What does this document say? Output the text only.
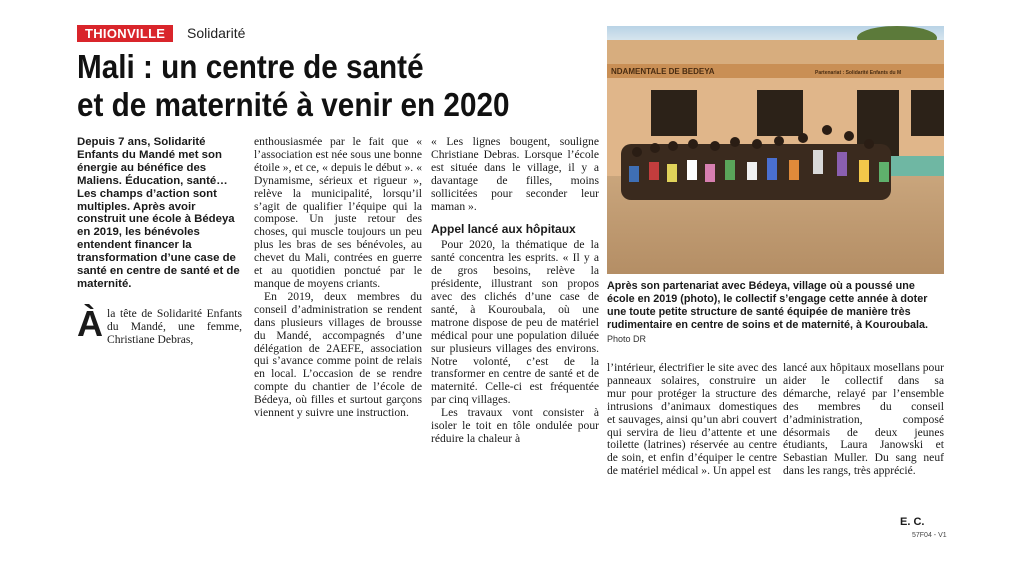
THIONVILLE	Solidarité
Mali : un centre de santé
et de maternité à venir en 2020
Depuis 7 ans, Solidarité Enfants du Mandé met son énergie au bénéfice des Maliens. Éducation, santé… Les champs d’action sont multiples. Après avoir construit une école à Bédeya en 2019, les bénévoles entendent financer la transformation d’une case de santé en centre de santé et de maternité.
Àla tête de Solidarité Enfants du Mandé, une femme, Christiane Debras,

enthousiasmée par le fait que « l’association est née sous une bonne étoile », et ce, « depuis le début ». « Dynamisme, sérieux et rigueur », relève la municipalité, lorsqu’il s’agit de qualifier l’équipe qui la compose. Un juste retour des choses, qui muscle toujours un peu plus les bras de ses bénévoles, au chevet du Mali, contrées en guerre et au quotidien ponctué par le manque de moyens criants.

En 2019, deux membres du conseil d’administration se rendent dans plusieurs villages de brousse du Mandé, accompagnés d’une délégation de 2AEFE, association qui s’avance comme point de relais en local. L’occasion de se rendre compte du chantier de l’école de Bédeya, où filles et surtout garçons viennent y suivre une instruction.

« Les lignes bougent, souligne Christiane Debras. Lorsque l’école est située dans le village, il y a davantage de filles, moins sollicitées pour seconder leur maman ».

Appel lancé aux hôpitaux

Pour 2020, la thématique de la santé concentra les esprits. « Il y a de gros besoins, relève la présidente, illustrant son propos avec des clichés d’une case de santé, à Kouroubala, où une matrone dispose de peu de matériel médical pour une population diluée sur plusieurs villages des environs. Notre volonté, c’est de la transformer en centre de santé et de maternité. Celle-ci est fréquentée par cinq villages.

Les travaux vont consister à isoler le toit en tôle ondulée pour réduire la chaleur à

NDAMENTALE DE BEDEYA	Partenariat : Solidarité Enfants du M

Après son partenariat avec Bédeya, village où a poussé une école en 2019 (photo), le collectif s’engage cette année à doter une toute petite structure de santé équipée de manière très rudimentaire en centre de soins et de maternité, à Kouroubala.

Photo DR

l’intérieur, électrifier le site avec des panneaux solaires, construire un mur pour protéger la structure des intrusions d’animaux domestiques et sauvages, ainsi qu’un abri couvert qui servira de lieu d’attente et une toilette (latrines) réservée au centre de soin, et enfin d’équiper le centre de matériel médical ». Un appel est

lancé aux hôpitaux mosellans pour aider le collectif dans sa démarche, relayé par l’ensemble des membres du conseil d’administration, composé désormais de deux jeunes étudiants, Laura Janowski et Sebastian Muller. Du sang neuf dans les rangs, très apprécié.

E. C.
57F04 - V1
